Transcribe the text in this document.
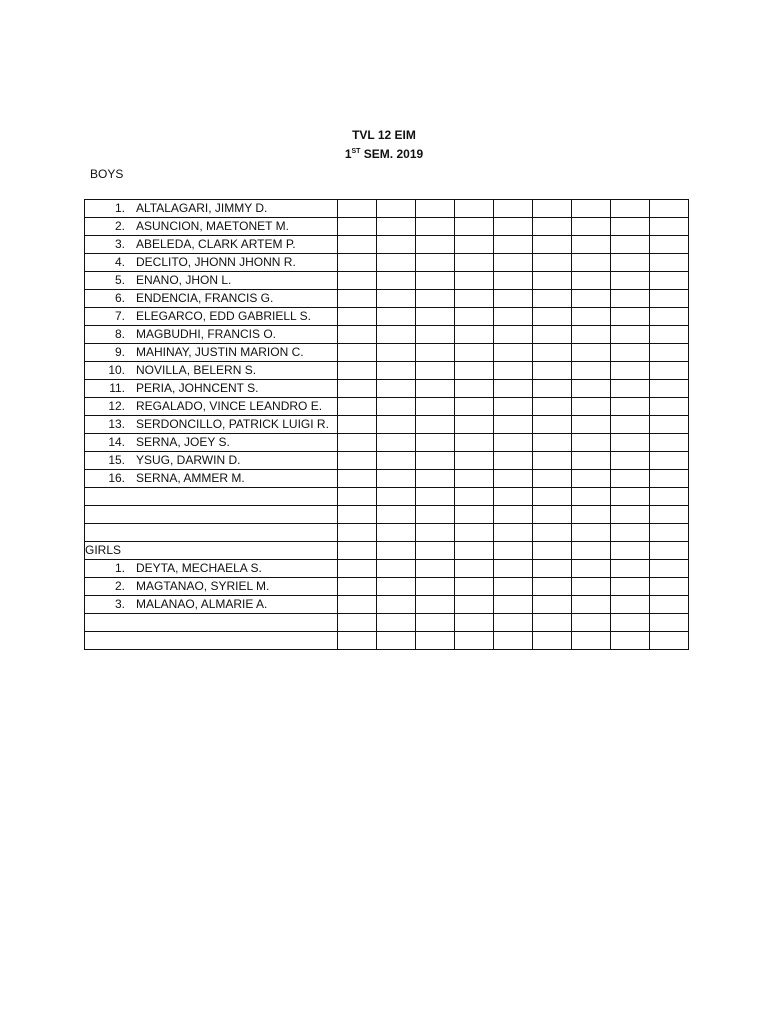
TVL 12 EIM
1ST SEM. 2019
BOYS
1. ALTALAGARI, JIMMY D.									
2. ASUNCION, MAETONET M.									
3. ABELEDA, CLARK ARTEM P.									
4. DECLITO, JHONN JHONN R.									
5. ENANO, JHON L.									
6. ENDENCIA, FRANCIS G.									
7. ELEGARCO, EDD GABRIELL S.									
8. MAGBUDHI, FRANCIS O.									
9. MAHINAY, JUSTIN MARION C.									
10. NOVILLA, BELERN S.									
11. PERIA, JOHNCENT S.									
12. REGALADO, VINCE LEANDRO E.									
13. SERDONCILLO, PATRICK LUIGI R.									
14. SERNA, JOEY S.									
15. YSUG, DARWIN D.									
16. SERNA, AMMER M.									

GIRLS									
1. DEYTA, MECHAELA S.									
2. MAGTANAO, SYRIEL M.									
3. MALANAO, ALMARIE A.									
